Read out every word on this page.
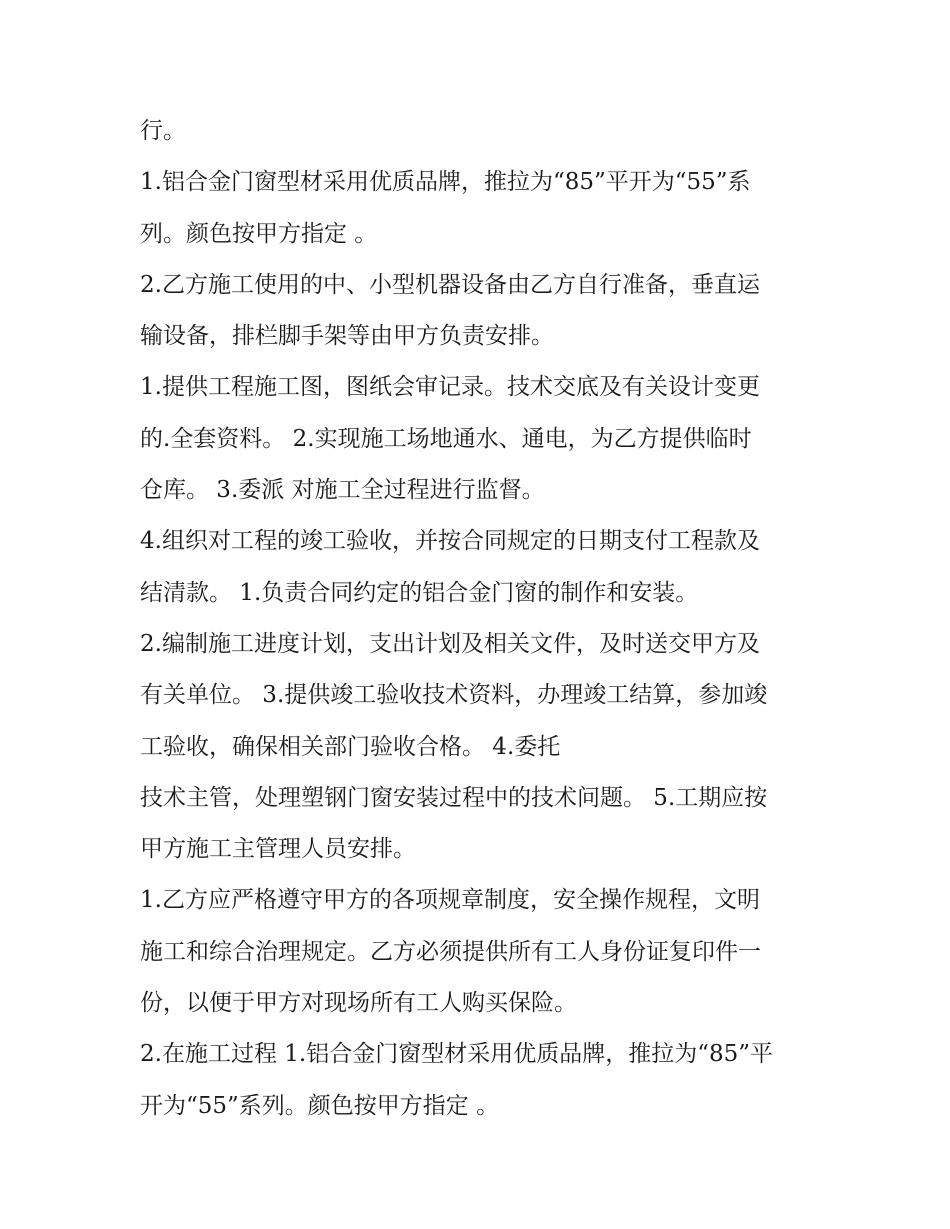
行。
1.铝合金门窗型材采用优质品牌，推拉为“85”平开为“55”系
列。颜色按甲方指定 。
2.乙方施工使用的中、小型机器设备由乙方自行准备，垂直运
输设备，排栏脚手架等由甲方负责安排。
1.提供工程施工图，图纸会审记录。技术交底及有关设计变更
的.全套资料。 2.实现施工场地通水、通电，为乙方提供临时
仓库。 3.委派 对施工全过程进行监督。
4.组织对工程的竣工验收，并按合同规定的日期支付工程款及
结清款。 1.负责合同约定的铝合金门窗的制作和安装。
2.编制施工进度计划，支出计划及相关文件，及时送交甲方及
有关单位。 3.提供竣工验收技术资料，办理竣工结算，参加竣
工验收，确保相关部门验收合格。 4.委托
技术主管，处理塑钢门窗安装过程中的技术问题。 5.工期应按
甲方施工主管理人员安排。
1.乙方应严格遵守甲方的各项规章制度，安全操作规程，文明
施工和综合治理规定。乙方必须提供所有工人身份证复印件一
份，以便于甲方对现场所有工人购买保险。
2.在施工过程 1.铝合金门窗型材采用优质品牌，推拉为“85”平
开为“55”系列。颜色按甲方指定 。
